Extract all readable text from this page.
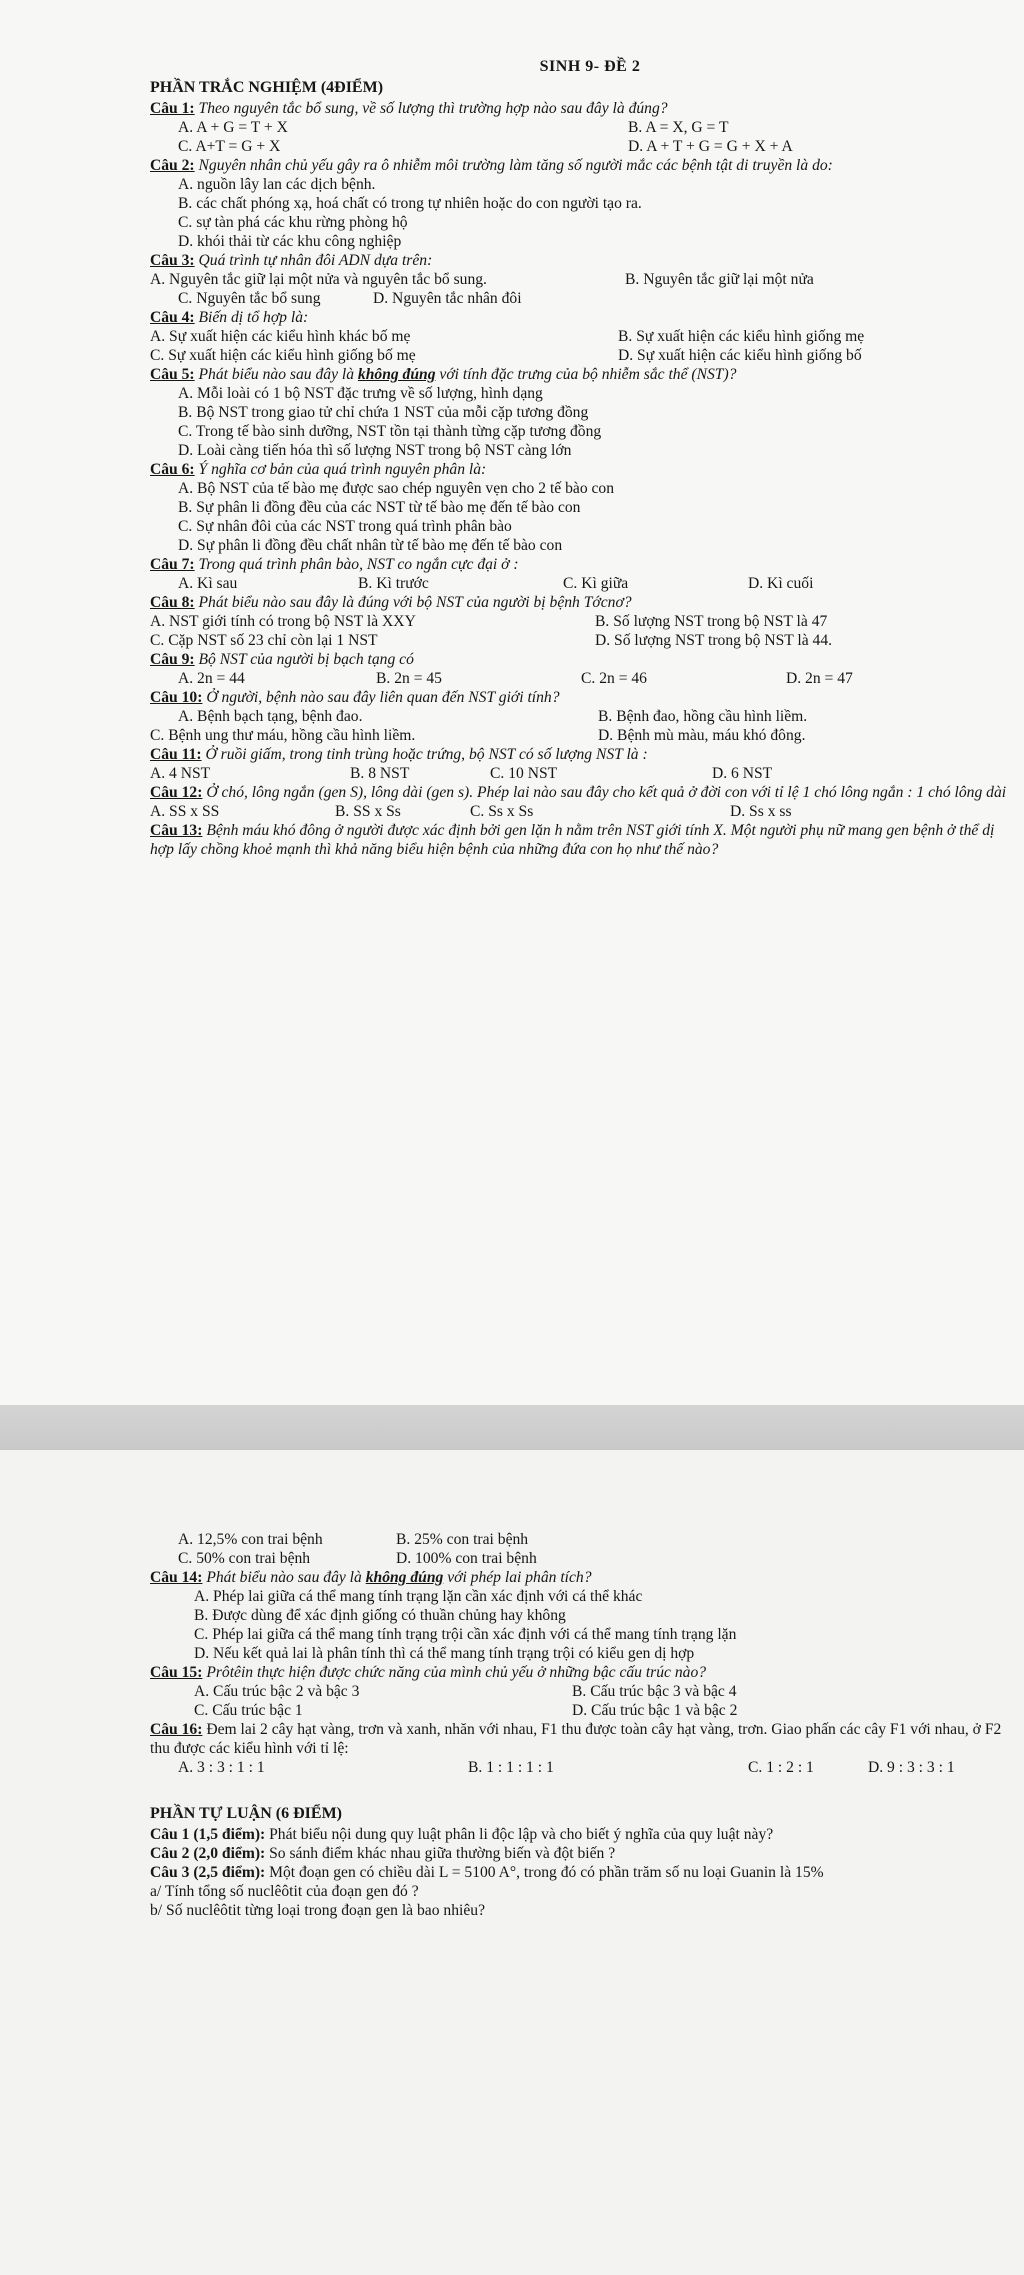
SINH 9- ĐỀ 2
PHẦN TRẮC NGHIỆM (4ĐIỂM)

Câu 1: Theo nguyên tắc bổ sung, về số lượng thì trường hợp nào sau đây là đúng?

A. A + G = T + X	B. A = X, G = T
C. A+T = G + X	D. A + T + G = G + X + A

Câu 2: Nguyên nhân chủ yếu gây ra ô nhiễm môi trường làm tăng số người mắc các bệnh tật di truyền là do:

A. nguồn lây lan các dịch bệnh.
B. các chất phóng xạ, hoá chất có trong tự nhiên hoặc do con người tạo ra.
C. sự tàn phá các khu rừng phòng hộ
D. khói thải từ các khu công nghiệp

Câu 3: Quá trình tự nhân đôi ADN dựa trên:

A. Nguyên tắc giữ lại một nửa và nguyên tắc bổ sung.	B. Nguyên tắc giữ lại một nửa
C. Nguyên tắc bổ sung	D. Nguyên tắc nhân đôi

Câu 4: Biến dị tổ hợp là:

A. Sự xuất hiện các kiểu hình khác bố mẹ	B. Sự xuất hiện các kiểu hình giống mẹ
C. Sự xuất hiện các kiểu hình giống bố mẹ	D. Sự xuất hiện các kiểu hình giống bố

Câu 5: Phát biểu nào sau đây là không đúng với tính đặc trưng của bộ nhiễm sắc thể (NST)?

A. Mỗi loài có 1 bộ NST đặc trưng về số lượng, hình dạng
B. Bộ NST trong giao tử chỉ chứa 1 NST của mỗi cặp tương đồng
C. Trong tế bào sinh dưỡng, NST tồn tại thành từng cặp tương đồng
D. Loài càng tiến hóa thì số lượng NST trong bộ NST càng lớn

Câu 6: Ý nghĩa cơ bản của quá trình nguyên phân là:

A. Bộ NST của tế bào mẹ được sao chép nguyên vẹn cho 2 tế bào con
B. Sự phân li đồng đều của các NST từ tế bào mẹ đến tế bào con
C. Sự nhân đôi của các NST trong quá trình phân bào
D. Sự phân li đồng đều chất nhân từ tế bào mẹ đến tế bào con

Câu 7: Trong quá trình phân bào, NST co ngắn cực đại ở :

A. Kì sau	B. Kì trước	C. Kì giữa	D. Kì cuối

Câu 8: Phát biểu nào sau đây là đúng với bộ NST của người bị bệnh Tớcnơ?

A. NST giới tính có trong bộ NST là XXY	B. Số lượng NST trong bộ NST là 47
C. Cặp NST số 23 chỉ còn lại 1 NST	D. Số lượng NST trong bộ NST là 44.

Câu 9: Bộ NST của người bị bạch tạng có

A. 2n = 44	B. 2n = 45	C. 2n = 46	D. 2n = 47

Câu 10: Ở người, bệnh nào sau đây liên quan đến NST giới tính?

A. Bệnh bạch tạng, bệnh đao.	B. Bệnh đao, hồng cầu hình liềm.
C. Bệnh ung thư máu, hồng cầu hình liềm.	D. Bệnh mù màu, máu khó đông.

Câu 11: Ở ruồi giấm, trong tinh trùng hoặc trứng, bộ NST có số lượng NST là :

A. 4 NST	B. 8 NST	C. 10 NST	D. 6 NST

Câu 12: Ở chó, lông ngắn (gen S), lông dài (gen s). Phép lai nào sau đây cho kết quả ở đời con với tỉ lệ 1 chó lông ngắn : 1 chó lông dài

A. SS x SS	B. SS x Ss	C. Ss x Ss	D. Ss x ss

Câu 13: Bệnh máu khó đông ở người được xác định bởi gen lặn h nằm trên NST giới tính X. Một người phụ nữ mang gen bệnh ở thể dị hợp lấy chồng khoẻ mạnh thì khả năng biểu hiện bệnh của những đứa con họ như thế nào?

A. 12,5% con trai bệnh	B. 25% con trai bệnh
C. 50% con trai bệnh	D. 100% con trai bệnh

Câu 14: Phát biểu nào sau đây là không đúng với phép lai phân tích?

A. Phép lai giữa cá thể mang tính trạng lặn cần xác định với cá thể khác
B. Được dùng để xác định giống có thuần chủng hay không
C. Phép lai giữa cá thể mang tính trạng trội cần xác định với cá thể mang tính trạng lặn
D. Nếu kết quả lai là phân tính thì cá thể mang tính trạng trội có kiểu gen dị hợp

Câu 15: Prôtêin thực hiện được chức năng của mình chủ yếu ở những bậc cấu trúc nào?

A. Cấu trúc bậc 2 và bậc 3	B. Cấu trúc bậc 3 và bậc 4
C. Cấu trúc bậc 1	D. Cấu trúc bậc 1 và bậc 2

Câu 16: Đem lai 2 cây hạt vàng, trơn và xanh, nhăn với nhau, F1 thu được toàn cây hạt vàng, trơn. Giao phấn các cây F1 với nhau, ở F2 thu được các kiểu hình với tỉ lệ:

A. 3 : 3 : 1 : 1	B. 1 : 1 : 1 : 1	C. 1 : 2 : 1	D. 9 : 3 : 3 : 1
PHẦN TỰ LUẬN (6 ĐIỂM)

Câu 1 (1,5 điểm): Phát biểu nội dung quy luật phân li độc lập và cho biết ý nghĩa của quy luật này?

Câu 2 (2,0 điểm): So sánh điểm khác nhau giữa thường biến và đột biến ?

Câu 3 (2,5 điểm): Một đoạn gen có chiều dài L = 5100 A°, trong đó có phần trăm số nu loại Guanin là 15%

a/ Tính tổng số nuclêôtit của đoạn gen đó ?

b/ Số nuclêôtit từng loại trong đoạn gen là bao nhiêu?
